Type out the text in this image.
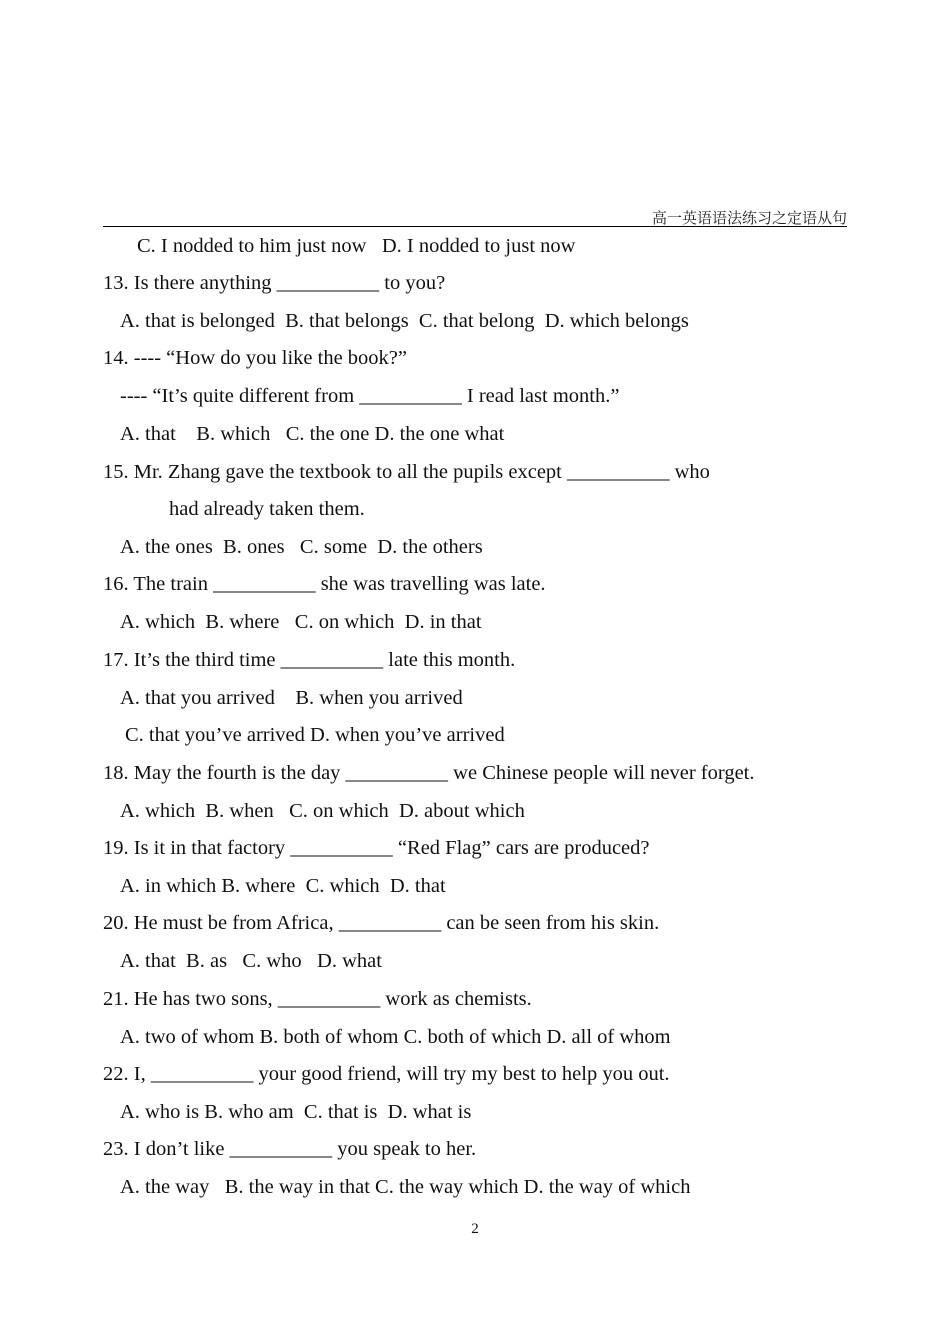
高一英语语法练习之定语从句
C. I nodded to him just now   D. I nodded to just now
13. Is there anything __________ to you?
A. that is belonged  B. that belongs  C. that belong  D. which belongs
14. ---- “How do you like the book?”
---- “It’s quite different from __________ I read last month.”
A. that    B. which   C. the one D. the one what
15. Mr. Zhang gave the textbook to all the pupils except __________ who
had already taken them.
A. the ones  B. ones   C. some  D. the others
16. The train __________ she was travelling was late.
A. which  B. where   C. on which  D. in that
17. It’s the third time __________ late this month.
A. that you arrived    B. when you arrived
C. that you’ve arrived D. when you’ve arrived
18. May the fourth is the day __________ we Chinese people will never forget.
A. which  B. when   C. on which  D. about which
19. Is it in that factory __________ “Red Flag” cars are produced?
A. in which B. where  C. which  D. that
20. He must be from Africa, __________ can be seen from his skin.
A. that  B. as   C. who   D. what
21. He has two sons, __________ work as chemists.
A. two of whom B. both of whom C. both of which D. all of whom
22. I, __________ your good friend, will try my best to help you out.
A. who is B. who am  C. that is  D. what is
23. I don’t like __________ you speak to her.
A. the way   B. the way in that C. the way which D. the way of which
2
